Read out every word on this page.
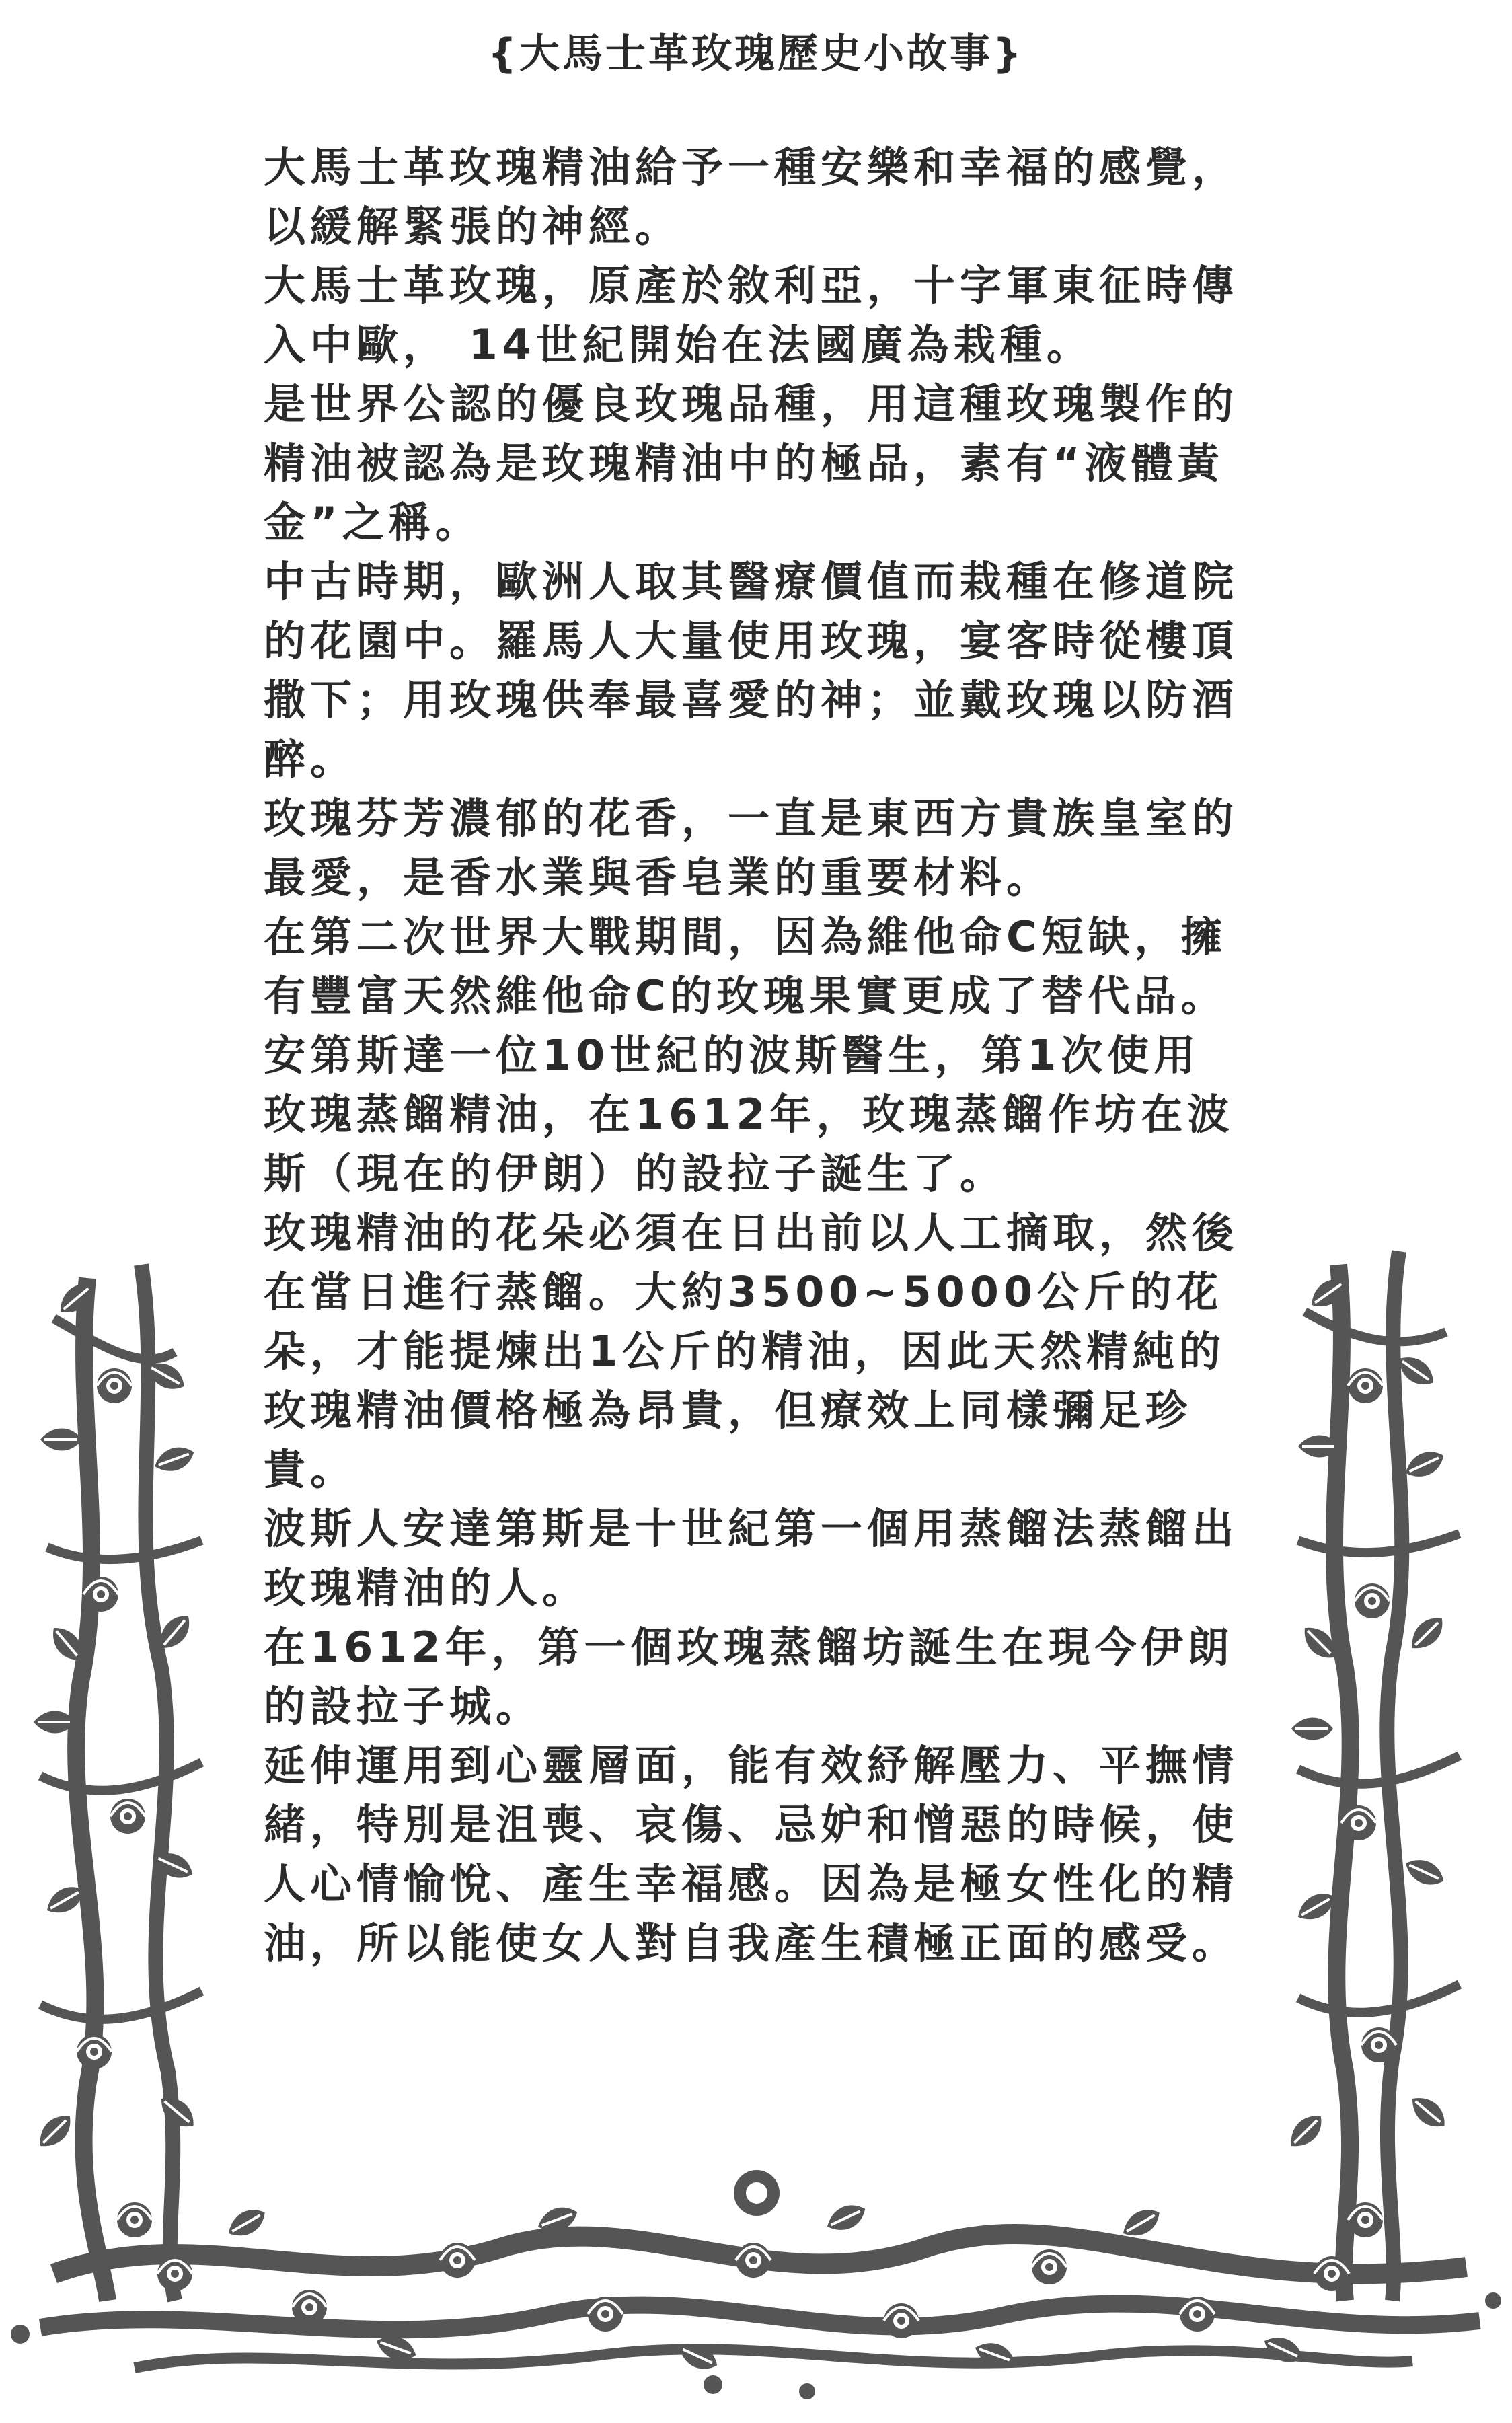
{大馬士革玫瑰歷史小故事}

大馬士革玫瑰精油給予一種安樂和幸福的感覺，以緩解緊張的神經。

大馬士革玫瑰，原產於敘利亞，十字軍東征時傳入中歐， 14世紀開始在法國廣為栽種。

是世界公認的優良玫瑰品種，用這種玫瑰製作的精油被認為是玫瑰精油中的極品，素有“液體黃金”之稱。

中古時期，歐洲人取其醫療價值而栽種在修道院的花園中。羅馬人大量使用玫瑰，宴客時從樓頂撒下；用玫瑰供奉最喜愛的神；並戴玫瑰以防酒醉。

玫瑰芬芳濃郁的花香，一直是東西方貴族皇室的最愛，是香水業與香皂業的重要材料。

在第二次世界大戰期間，因為維他命C短缺，擁有豐富天然維他命C的玫瑰果實更成了替代品。

安第斯達一位10世紀的波斯醫生，第1次使用玫瑰蒸餾精油，在1612年，玫瑰蒸餾作坊在波斯（現在的伊朗）的設拉子誕生了。

玫瑰精油的花朵必須在日出前以人工摘取，然後在當日進行蒸餾。大約3500~5000公斤的花朵，才能提煉出1公斤的精油，因此天然精純的玫瑰精油價格極為昂貴，但療效上同樣彌足珍貴。

波斯人安達第斯是十世紀第一個用蒸餾法蒸餾出玫瑰精油的人。

在1612年，第一個玫瑰蒸餾坊誕生在現今伊朗的設拉子城。

延伸運用到心靈層面，能有效紓解壓力、平撫情緒，特別是沮喪、哀傷、忌妒和憎惡的時候，使人心情愉悅、產生幸福感。因為是極女性化的精油，所以能使女人對自我產生積極正面的感受。
